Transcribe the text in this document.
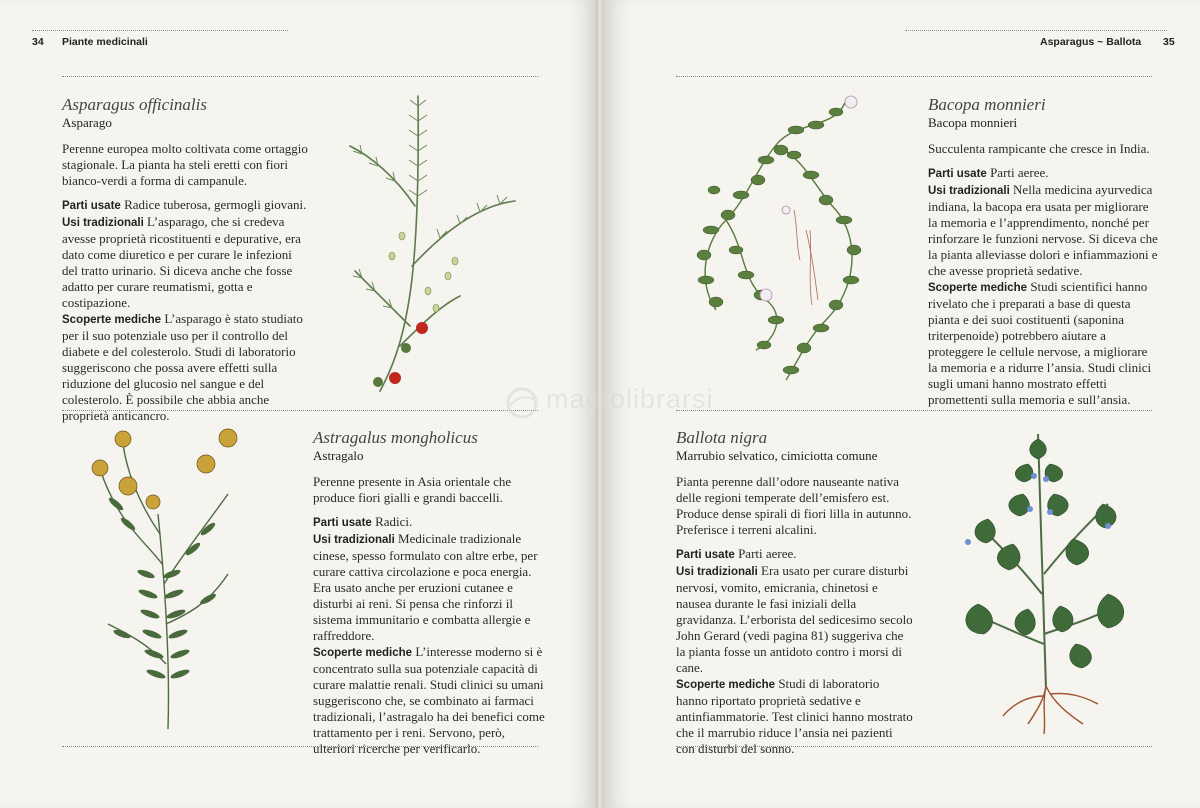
34 Piante medicinali	Asparagus ~ Ballota 35
Asparagus officinalis
Asparago

Perenne europea molto coltivata come ortaggio stagionale. La pianta ha steli eretti con fiori bianco-verdi a forma di campanule.

Parti usate Radice tuberosa, germogli giovani.
Usi tradizionali L’asparago, che si credeva avesse proprietà ricostituenti e depurative, era dato come diuretico e per curare le infezioni del tratto urinario. Si diceva anche che fosse adatto per curare reumatismi, gotta e costipazione.
Scoperte mediche L’asparago è stato studiato per il suo potenziale uso per il controllo del diabete e del colesterolo. Studi di laboratorio suggeriscono che possa avere effetti sulla riduzione del glucosio nel sangue e del colesterolo. È possibile che abbia anche proprietà anticancro.

Astragalus mongholicus
Astragalo

Perenne presente in Asia orientale che produce fiori gialli e grandi baccelli.

Parti usate Radici.
Usi tradizionali Medicinale tradizionale cinese, spesso formulato con altre erbe, per curare cattiva circolazione e poca energia. Era usato anche per eruzioni cutanee e disturbi ai reni. Si pensa che rinforzi il sistema immunitario e combatta allergie e raffreddore.
Scoperte mediche L’interesse moderno si è concentrato sulla sua potenziale capacità di curare malattie renali. Studi clinici su umani suggeriscono che, se combinato ai farmaci tradizionali, l’astragalo ha dei benefici come trattamento per i reni. Servono, però, ulteriori ricerche per verificarlo.

Bacopa monnieri
Bacopa monnieri

Succulenta rampicante che cresce in India.

Parti usate Parti aeree.
Usi tradizionali Nella medicina ayurvedica indiana, la bacopa era usata per migliorare la memoria e l’apprendimento, nonché per rinforzare le funzioni nervose. Si diceva che la pianta alleviasse dolori e infiammazioni e che avesse proprietà sedative.
Scoperte mediche Studi scientifici hanno rivelato che i preparati a base di questa pianta e dei suoi costituenti (saponina triterpenoide) potrebbero aiutare a proteggere le cellule nervose, a migliorare la memoria e a ridurre l’ansia. Studi clinici sugli umani hanno mostrato effetti promettenti sulla memoria e sull’ansia.

Ballota nigra
Marrubio selvatico, cimiciotta comune

Pianta perenne dall’odore nauseante nativa delle regioni temperate dell’emisfero est. Produce dense spirali di fiori lilla in autunno. Preferisce i terreni alcalini.

Parti usate Parti aeree.
Usi tradizionali Era usato per curare disturbi nervosi, vomito, emicrania, chinetosi e nausea durante le fasi iniziali della gravidanza. L’erborista del sedicesimo secolo John Gerard (vedi pagina 81) suggeriva che la pianta fosse un antidoto contro i morsi di cane.
Scoperte mediche Studi di laboratorio hanno riportato proprietà sedative e antinfiammatorie. Test clinici hanno mostrato che il marrubio riduce l’ansia nei pazienti con disturbi del sonno.

macrolibrarsi
